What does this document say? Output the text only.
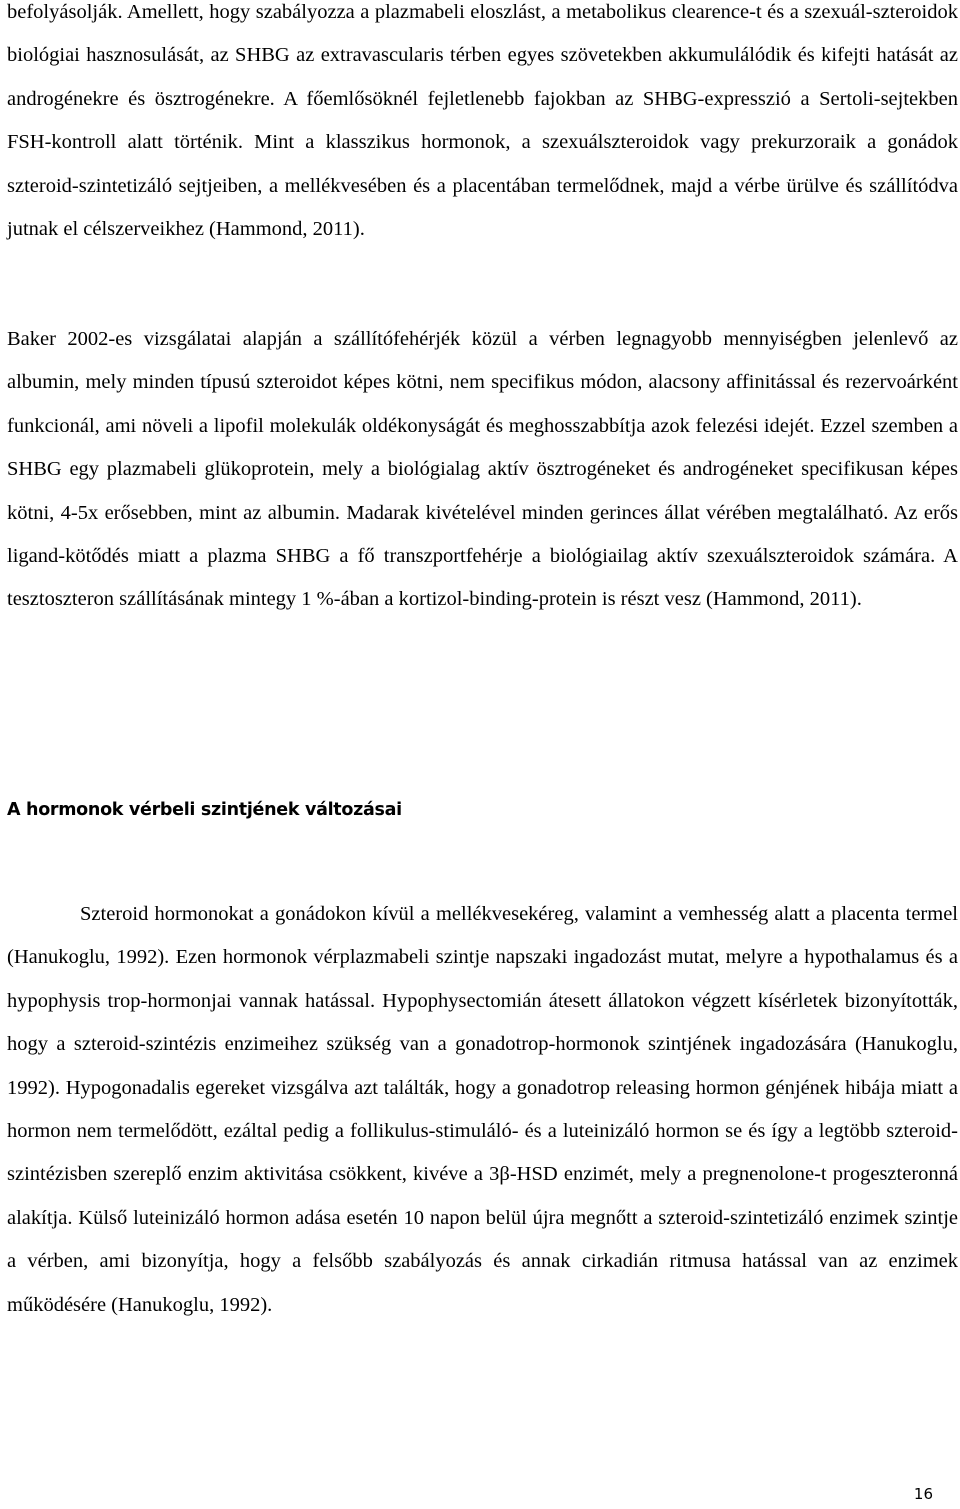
befolyásolják. Amellett, hogy szabályozza a plazmabeli eloszlást, a metabolikus clearence-t és a szexuál-szteroidok biológiai hasznosulását, az SHBG az extravascularis térben egyes szövetekben akkumulálódik és kifejti hatását az androgénekre és ösztrogénekre. A főemlősöknél fejletlenebb fajokban az SHBG-expresszió a Sertoli-sejtekben FSH-kontroll alatt történik. Mint a klasszikus hormonok, a szexuálszteroidok vagy prekurzoraik a gonádok szteroid-szintetizáló sejtjeiben, a mellékvesében és a placentában termelődnek, majd a vérbe ürülve és szállítódva jutnak el célszerveikhez (Hammond, 2011).

Baker 2002-es vizsgálatai alapján a szállítófehérjék közül a vérben legnagyobb mennyiségben jelenlevő az albumin, mely minden típusú szteroidot képes kötni, nem specifikus módon, alacsony affinitással és rezervoárként funkcionál, ami növeli a lipofil molekulák oldékonyságát és meghosszabbítja azok felezési idejét. Ezzel szemben a SHBG egy plazmabeli glükoprotein, mely a biológialag aktív ösztrogéneket és androgéneket specifikusan képes kötni, 4-5x erősebben, mint az albumin. Madarak kivételével minden gerinces állat vérében megtalálható. Az erős ligand-kötődés miatt a plazma SHBG a fő transzportfehérje a biológiailag aktív szexuálszteroidok számára. A tesztoszteron szállításának mintegy 1 %-ában a kortizol-binding-protein is részt vesz (Hammond, 2011).

A hormonok vérbeli szintjének változásai

Szteroid hormonokat a gonádokon kívül a mellékvesekéreg, valamint a vemhesség alatt a placenta termel (Hanukoglu, 1992). Ezen hormonok vérplazmabeli szintje napszaki ingadozást mutat, melyre a hypothalamus és a hypophysis trop-hormonjai vannak hatással. Hypophysectomián átesett állatokon végzett kísérletek bizonyították, hogy a szteroid-szintézis enzimeihez szükség van a gonadotrop-hormonok szintjének ingadozására (Hanukoglu, 1992). Hypogonadalis egereket vizsgálva azt találták, hogy a gonadotrop releasing hormon génjének hibája miatt a hormon nem termelődött, ezáltal pedig a follikulus-stimuláló- és a luteinizáló hormon se és így a legtöbb szteroid-szintézisben szereplő enzim aktivitása csökkent, kivéve a 3β-HSD enzimét, mely a pregnenolone-t progeszteronná alakítja. Külső luteinizáló hormon adása esetén 10 napon belül újra megnőtt a szteroid-szintetizáló enzimek szintje a vérben, ami bizonyítja, hogy a felsőbb szabályozás és annak cirkadián ritmusa hatással van az enzimek működésére (Hanukoglu, 1992).

16
